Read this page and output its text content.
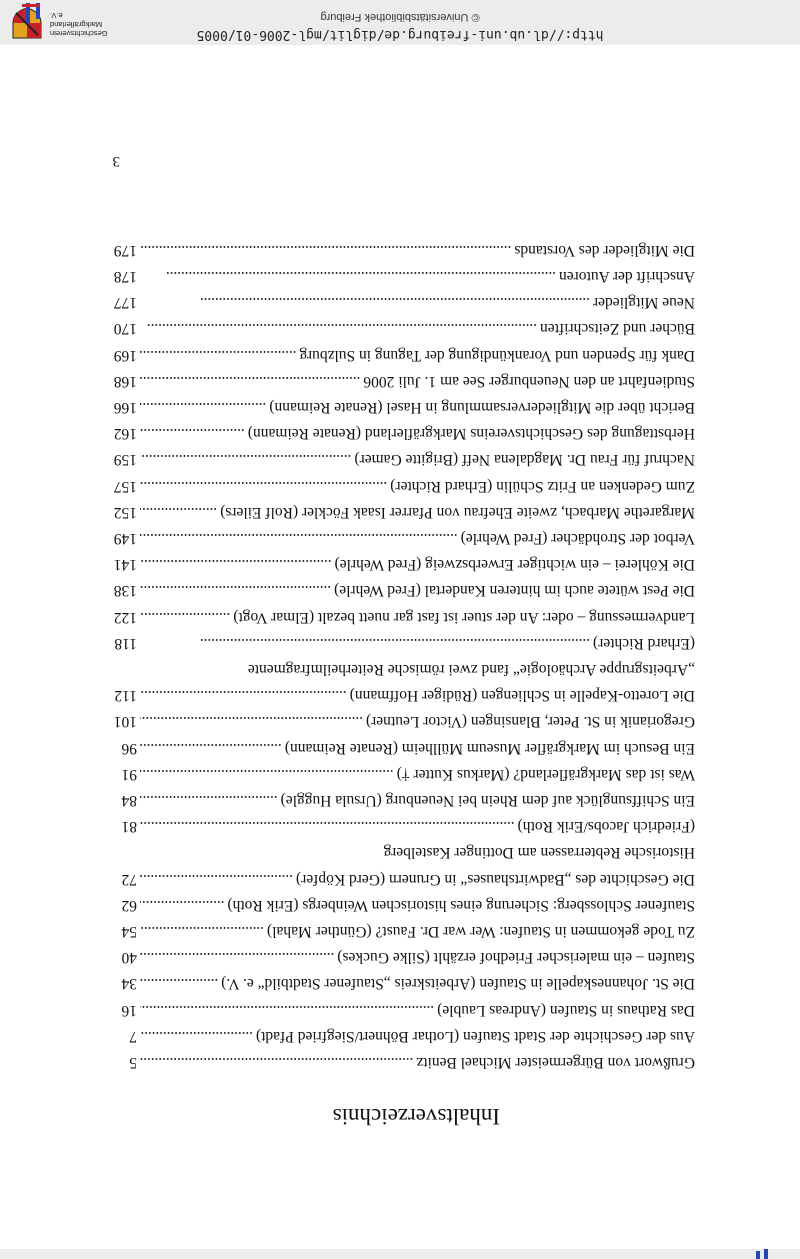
Inhaltsverzeichnis
Grußwort von Bürgermeister Michael Benitz
. . .
5
Aus der Geschichte der Stadt Staufen (Lothar Böhnert/Siegfried Pfadt)
. . .
7
Das Rathaus in Staufen (Andreas Lauble)
. . .
16
Die St. Johanneskapelle in Staufen (Arbeitskreis „Staufener Stadtbild“ e. V.)
. . .
34
Staufen – ein malerischer Friedhof erzählt (Silke Guckes)
. . .
40
Zu Tode gekommen in Staufen: Wer war Dr. Faust? (Günther Mahal)
. . .
54
Staufener Schlossberg: Sicherung eines historischen Weinbergs (Erik Roth)
. . .
62
Die Geschichte des „Badwirtshauses“ in Grunern (Gerd Köpfer)
. . .
72
Historische Rebterrassen am Dottinger Kastelberg
(Friedrich Jacobs/Erik Roth)
. . .
81
Ein Schiffsunglück auf dem Rhein bei Neuenburg (Ursula Huggle)
. . .
84
Was ist das Markgräflerland? (Markus Kutter †)
. . .
91
Ein Besuch im Markgräfler Museum Müllheim (Renate Reimann)
. . .
96
Gregorianik in St. Peter, Blansingen (Victor Leutner)
. . .
101
Die Loretto-Kapelle in Schliengen (Rüdiger Hoffmann)
. . .
112
„Arbeitsgruppe Archäologie“ fand zwei römische Reiterheilmfragmente
(Erhard Richter)
. . .
118
Landvermessung – oder: An der stuer ist fast gar nuett bezalt (Elmar Vogt)
. . .
122
Die Pest wütete auch im hinteren Kandertal (Fred Wehrle)
. . .
138
Die Köhlerei – ein wichtiger Erwerbszweig (Fred Wehrle)
. . .
141
Verbot der Strohdächer (Fred Wehrle)
. . .
149
Margarethe Marbach, zweite Ehefrau von Pfarrer Isaak Föckler (Rolf Eilers)
. . .
152
Zum Gedenken an Fritz Schülin (Erhard Richter)
. . .
157
Nachruf für Frau Dr. Magdalena Neff (Brigitte Gamer)
. . .
159
Herbsttagung des Geschichtsvereins Markgräflerland (Renate Reimann)
. . .
162
Bericht über die Mitgliederversammlung in Hasel (Renate Reimann)
. . .
166
Studienfahrt an den Neuenburger See am 1. Juli 2006
. . .
168
Dank für Spenden und Vorankündigung der Tagung in Sulzburg
. . .
169
Bücher und Zeitschriften
. . .
170
Neue Mitglieder
. . .
177
Anschrift der Autoren
. . .
178
Die Mitglieder des Vorstands
. . .
179
3
http://dl.ub.uni-freiburg.de/diglit/mgl-2006-01/0005
© Universitätsbibliothek Freiburg
Geschichtsverein
Markgräflerland e.V.
